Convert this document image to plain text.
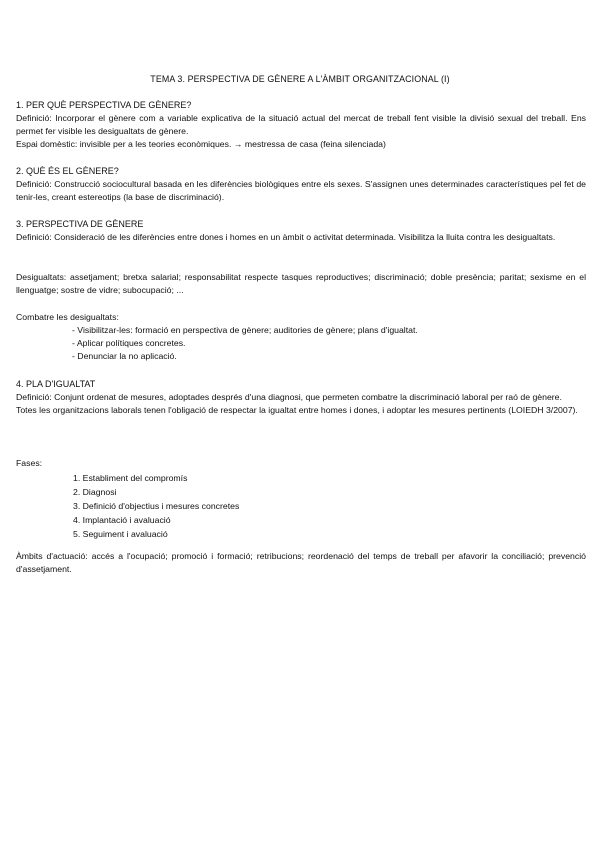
TEMA 3. PERSPECTIVA DE GÈNERE A L'ÀMBIT ORGANITZACIONAL (I)

1. PER QUÈ PERSPECTIVA DE GÈNERE?

Definició: Incorporar el gènere com a variable explicativa de la situació actual del mercat de treball fent visible la divisió sexual del treball. Ens permet fer visible les desigualtats de gènere.

Espai domèstic: invisible per a les teories econòmiques. → mestressa de casa (feina silenciada)

2. QUÈ ÉS EL GÈNERE?

Definició: Construcció sociocultural basada en les diferències biològiques entre els sexes. S'assignen unes determinades característiques pel fet de tenir-les, creant estereotips (la base de discriminació).

3. PERSPECTIVA DE GÈNERE

Definició: Consideració de les diferències entre dones i homes en un àmbit o activitat determinada. Visibilitza la lluita contra les desigualtats.

Desigualtats: assetjament; bretxa salarial; responsabilitat respecte tasques reproductives; discriminació; doble presència; paritat; sexisme en el llenguatge; sostre de vidre; subocupació; ...

Combatre les desigualtats:

- Visibilitzar-les: formació en perspectiva de gènere; auditories de gènere; plans d'igualtat.
- Aplicar polítiques concretes.
- Denunciar la no aplicació.

4. PLA D'IGUALTAT

Definició: Conjunt ordenat de mesures, adoptades després d'una diagnosi, que permeten combatre la discriminació laboral per raó de gènere.

Totes les organitzacions laborals tenen l'obligació de respectar la igualtat entre homes i dones, i adoptar les mesures pertinents (LOIEDH 3/2007).

Fases:

1. Establiment del compromís
2. Diagnosi
3. Definició d'objectius i mesures concretes
4. Implantació i avaluació
5. Seguiment i avaluació

Àmbits d'actuació: accés a l'ocupació; promoció i formació; retribucions; reordenació del temps de treball per afavorir la conciliació; prevenció d'assetjament.
